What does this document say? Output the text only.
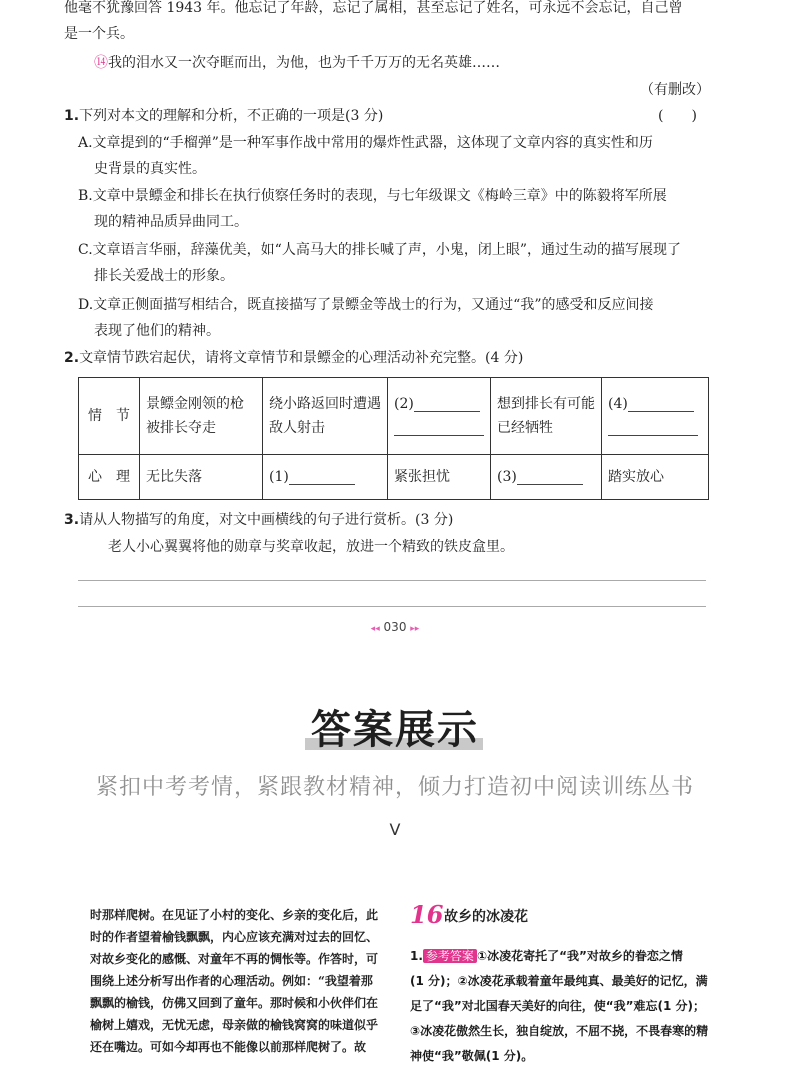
他毫不犹豫回答 1943 年。他忘记了年龄，忘记了属相，甚至忘记了姓名，可永远不会忘记，自己曾
是一个兵。
⑭我的泪水又一次夺眶而出，为他，也为千千万万的无名英雄……
（有删改）
1.下列对本文的理解和分析，不正确的一项是(3 分)	(　　)
A.文章提到的“手榴弹”是一种军事作战中常用的爆炸性武器，这体现了文章内容的真实性和历
史背景的真实性。
B.文章中景鳔金和排长在执行侦察任务时的表现，与七年级课文《梅岭三章》中的陈毅将军所展
现的精神品质异曲同工。
C.文章语言华丽，辞藻优美，如“人高马大的排长喊了声，小鬼，闭上眼”，通过生动的描写展现了
排长关爱战士的形象。
D.文章正侧面描写相结合，既直接描写了景鳔金等战士的行为，又通过“我”的感受和反应间接
表现了他们的精神。
2.文章情节跌宕起伏，请将文章情节和景鳔金的心理活动补充完整。(4 分)
情　节	景鳔金刚领的枪被排长夺走	绕小路返回时遭遇敌人射击	(2)	想到排长有可能已经牺牲	(4)

心　理	无比失落	(1)	紧张担忧	(3)	踏实放心
3.请从人物描写的角度，对文中画横线的句子进行赏析。(3 分)
老人小心翼翼将他的勋章与奖章收起，放进一个精致的铁皮盒里。
◂◂ 030 ▸▸
答案展示
紧扣中考考情，紧跟教材精神，倾力打造初中阅读训练丛书
V
时那样爬树。在见证了小村的变化、乡亲的变化后，此
时的作者望着榆钱飘飘，内心应该充满对过去的回忆、
对故乡变化的感慨、对童年不再的惆怅等。作答时，可
围绕上述分析写出作者的心理活动。例如：“我望着那
飘飘的榆钱，仿佛又回到了童年。那时候和小伙伴们在
榆树上嬉戏，无忧无虑，母亲做的榆钱窝窝的味道似乎
还在嘴边。可如今却再也不能像以前那样爬树了。故
16 故乡的冰凌花
1. 参考答案 ①冰凌花寄托了“我”对故乡的眷恋之情
(1 分)；②冰凌花承载着童年最纯真、最美好的记忆，满
足了“我”对北国春天美好的向往，使“我”难忘(1 分)；
③冰凌花傲然生长，独自绽放，不屈不挠，不畏春寒的精
神使“我”敬佩(1 分)。
